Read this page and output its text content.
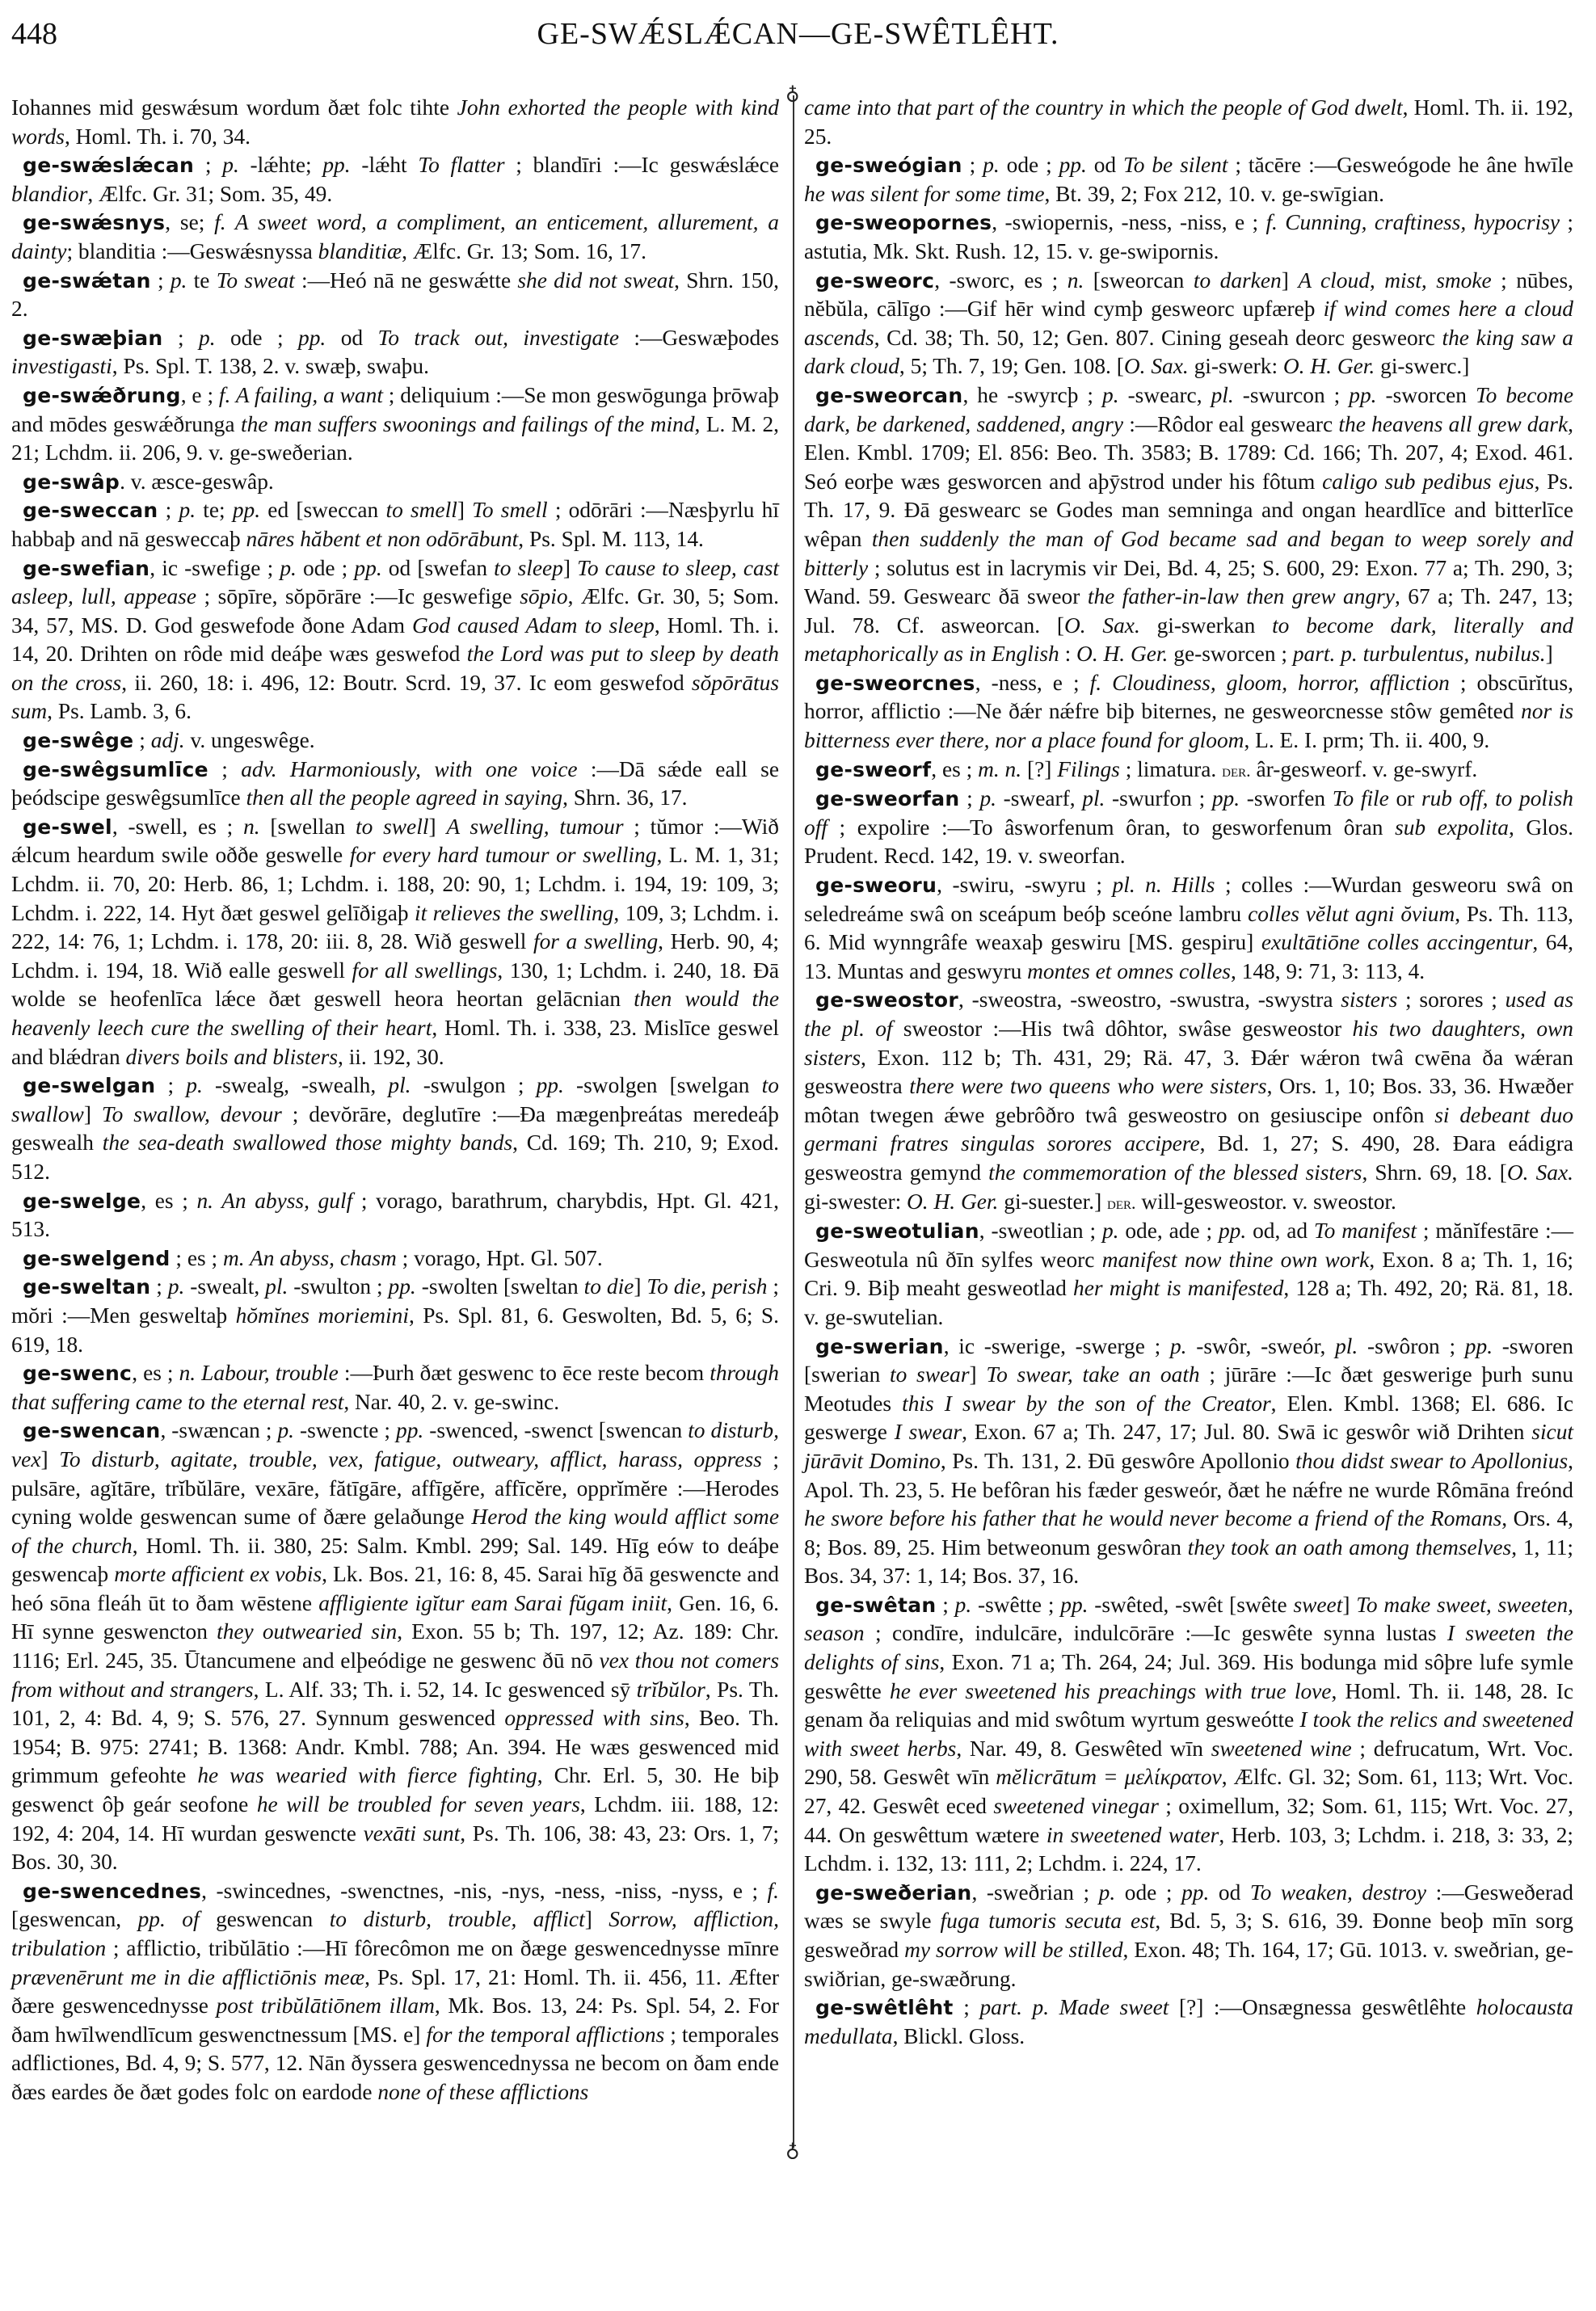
448	GE-SWǼSLǼCAN—GE-SWÊTLÊHT.

Iohannes mid geswǽsum wordum ðæt folc tihte John exhorted the people with kind words, Homl. Th. i. 70, 34.

ge-swǽslǽcan ; p. -lǽhte; pp. -lǽht To flatter ; blandīri :—Ic geswǽslǽce blandior, Ælfc. Gr. 31; Som. 35, 49.

ge-swǽsnys, se; f. A sweet word, a compliment, an enticement, allurement, a dainty; blanditia :—Geswǽsnyssa blanditiæ, Ælfc. Gr. 13; Som. 16, 17.

ge-swǽtan ; p. te To sweat :—Heó nā ne geswǽtte she did not sweat, Shrn. 150, 2.

ge-swæþian ; p. ode ; pp. od To track out, investigate :—Geswæþodes investigasti, Ps. Spl. T. 138, 2. v. swæþ, swaþu.

ge-swǽðrung, e ; f. A failing, a want ; deliquium :—Se mon geswōgunga þrōwaþ and mōdes geswǽðrunga the man suffers swoonings and failings of the mind, L. M. 2, 21; Lchdm. ii. 206, 9. v. ge-sweðerian.

ge-swâp. v. æsce-geswâp.

ge-sweccan ; p. te; pp. ed [sweccan to smell] To smell ; odōrāri :—Næsþyrlu hī habbaþ and nā gesweccaþ nāres hăbent et non odōrābunt, Ps. Spl. M. 113, 14.

ge-swefian, ic -swefige ; p. ode ; pp. od [swefan to sleep] To cause to sleep, cast asleep, lull, appease ; sōpīre, sŏpōrāre :—Ic geswefige sōpio, Ælfc. Gr. 30, 5; Som. 34, 57, MS. D. God geswefode ðone Adam God caused Adam to sleep, Homl. Th. i. 14, 20. Drihten on rôde mid deáþe wæs geswefod the Lord was put to sleep by death on the cross, ii. 260, 18: i. 496, 12: Boutr. Scrd. 19, 37. Ic eom geswefod sŏpōrātus sum, Ps. Lamb. 3, 6.

ge-swêge ; adj. v. ungeswêge.

ge-swêgsumlīce ; adv. Harmoniously, with one voice :—Dā sǽde eall se þeódscipe geswêgsumlīce then all the people agreed in saying, Shrn. 36, 17.

ge-swel, -swell, es ; n. [swellan to swell] A swelling, tumour ; tŭmor :—Wið ǽlcum heardum swile oððe geswelle for every hard tumour or swelling, L. M. 1, 31; Lchdm. ii. 70, 20: Herb. 86, 1; Lchdm. i. 188, 20: 90, 1; Lchdm. i. 194, 19: 109, 3; Lchdm. i. 222, 14. Hyt ðæt geswel gelīðigaþ it relieves the swelling, 109, 3; Lchdm. i. 222, 14: 76, 1; Lchdm. i. 178, 20: iii. 8, 28. Wið geswell for a swelling, Herb. 90, 4; Lchdm. i. 194, 18. Wið ealle geswell for all swellings, 130, 1; Lchdm. i. 240, 18. Ðā wolde se heofenlīca lǽce ðæt geswell heora heortan gelācnian then would the heavenly leech cure the swelling of their heart, Homl. Th. i. 338, 23. Mislīce geswel and blǽdran divers boils and blisters, ii. 192, 30.

ge-swelgan ; p. -swealg, -swealh, pl. -swulgon ; pp. -swolgen [swelgan to swallow] To swallow, devour ; devŏrāre, deglutīre :—Ða mægenþreátas meredeáþ geswealh the sea-death swallowed those mighty bands, Cd. 169; Th. 210, 9; Exod. 512.

ge-swelge, es ; n. An abyss, gulf ; vorago, barathrum, charybdis, Hpt. Gl. 421, 513.

ge-swelgend ; es ; m. An abyss, chasm ; vorago, Hpt. Gl. 507.

ge-sweltan ; p. -swealt, pl. -swulton ; pp. -swolten [sweltan to die] To die, perish ; mŏri :—Men gesweltaþ hŏmĭnes moriemini, Ps. Spl. 81, 6. Geswolten, Bd. 5, 6; S. 619, 18.

ge-swenc, es ; n. Labour, trouble :—Þurh ðæt geswenc to ēce reste becom through that suffering came to the eternal rest, Nar. 40, 2. v. ge-swinc.

ge-swencan, -swæncan ; p. -swencte ; pp. -swenced, -swenct [swencan to disturb, vex] To disturb, agitate, trouble, vex, fatigue, outweary, afflict, harass, oppress ; pulsāre, agĭtāre, trĭbŭlāre, vexāre, fătīgāre, affīgĕre, affīcĕre, opprĭmĕre :—Herodes cyning wolde geswencan sume of ðære gelaðunge Herod the king would afflict some of the church, Homl. Th. ii. 380, 25: Salm. Kmbl. 299; Sal. 149. Hīg eów to deáþe geswencaþ morte afficient ex vobis, Lk. Bos. 21, 16: 8, 45. Sarai hīg ðā geswencte and heó sōna fleáh ūt to ðam wēstene affligiente igĭtur eam Sarai fŭgam iniit, Gen. 16, 6. Hī synne geswencton they outwearied sin, Exon. 55 b; Th. 197, 12; Az. 189: Chr. 1116; Erl. 245, 35. Ūtancumene and elþeódige ne geswenc ðū nō vex thou not comers from without and strangers, L. Alf. 33; Th. i. 52, 14. Ic geswenced sȳ trĭbŭlor, Ps. Th. 101, 2, 4: Bd. 4, 9; S. 576, 27. Synnum geswenced oppressed with sins, Beo. Th. 1954; B. 975: 2741; B. 1368: Andr. Kmbl. 788; An. 394. He wæs geswenced mid grimmum gefeohte he was wearied with fierce fighting, Chr. Erl. 5, 30. He biþ geswenct ôþ geár seofone he will be troubled for seven years, Lchdm. iii. 188, 12: 192, 4: 204, 14. Hī wurdan geswencte vexāti sunt, Ps. Th. 106, 38: 43, 23: Ors. 1, 7; Bos. 30, 30.

ge-swencednes, -swincednes, -swenctnes, -nis, -nys, -ness, -niss, -nyss, e ; f. [geswencan, pp. of geswencan to disturb, trouble, afflict] Sorrow, affliction, tribulation ; afflictio, tribŭlātio :—Hī fôrecômon me on ðæge geswencednysse mīnre prævenērunt me in die afflictiōnis meæ, Ps. Spl. 17, 21: Homl. Th. ii. 456, 11. Æfter ðære geswencednysse post tribŭlātiōnem illam, Mk. Bos. 13, 24: Ps. Spl. 54, 2. For ðam hwīlwendlīcum geswenctnessum [MS. e] for the temporal afflictions ; temporales adflictiones, Bd. 4, 9; S. 577, 12. Nān ðyssera geswencednyssa ne becom on ðam ende ðæs eardes ðe ðæt godes folc on eardode none of these afflictions

♁
♁

came into that part of the country in which the people of God dwelt, Homl. Th. ii. 192, 25.

ge-sweógian ; p. ode ; pp. od To be silent ; tăcēre :—Gesweógode he âne hwīle he was silent for some time, Bt. 39, 2; Fox 212, 10. v. ge-swīgian.

ge-sweopornes, -swiopernis, -ness, -niss, e ; f. Cunning, craftiness, hypocrisy ; astutia, Mk. Skt. Rush. 12, 15. v. ge-swipornis.

ge-sweorc, -sworc, es ; n. [sweorcan to darken] A cloud, mist, smoke ; nūbes, nĕbŭla, cālīgo :—Gif hēr wind cymþ gesweorc upfæreþ if wind comes here a cloud ascends, Cd. 38; Th. 50, 12; Gen. 807. Cining geseah deorc gesweorc the king saw a dark cloud, 5; Th. 7, 19; Gen. 108. [O. Sax. gi-swerk: O. H. Ger. gi-swerc.]

ge-sweorcan, he -swyrcþ ; p. -swearc, pl. -swurcon ; pp. -sworcen To become dark, be darkened, saddened, angry :—Rôdor eal geswearc the heavens all grew dark, Elen. Kmbl. 1709; El. 856: Beo. Th. 3583; B. 1789: Cd. 166; Th. 207, 4; Exod. 461. Seó eorþe wæs gesworcen and aþȳstrod under his fôtum caligo sub pedibus ejus, Ps. Th. 17, 9. Ðā geswearc se Godes man semninga and ongan heardlīce and bitterlīce wêpan then suddenly the man of God became sad and began to weep sorely and bitterly ; solutus est in lacrymis vir Dei, Bd. 4, 25; S. 600, 29: Exon. 77 a; Th. 290, 3; Wand. 59. Geswearc ðā sweor the father-in-law then grew angry, 67 a; Th. 247, 13; Jul. 78. Cf. asweorcan. [O. Sax. gi-swerkan to become dark, literally and metaphorically as in English : O. H. Ger. ge-sworcen ; part. p. turbulentus, nubilus.]

ge-sweorcnes, -ness, e ; f. Cloudiness, gloom, horror, affliction ; obscūrĭtus, horror, afflictio :—Ne ðǽr nǽfre biþ biternes, ne gesweorcnesse stôw gemêted nor is bitterness ever there, nor a place found for gloom, L. E. I. prm; Th. ii. 400, 9.

ge-sweorf, es ; m. n. [?] Filings ; limatura. der. âr-gesweorf. v. ge-swyrf.

ge-sweorfan ; p. -swearf, pl. -swurfon ; pp. -sworfen To file or rub off, to polish off ; expolire :—To âsworfenum ôran, to gesworfenum ôran sub expolita, Glos. Prudent. Recd. 142, 19. v. sweorfan.

ge-sweoru, -swiru, -swyru ; pl. n. Hills ; colles :—Wurdan gesweoru swâ on seledreáme swâ on sceápum beóþ sceóne lambru colles vĕlut agni ŏvium, Ps. Th. 113, 6. Mid wynngrâfe weaxaþ geswiru [MS. gespiru] exultātiōne colles accingentur, 64, 13. Muntas and geswyru montes et omnes colles, 148, 9: 71, 3: 113, 4.

ge-sweostor, -sweostra, -sweostro, -swustra, -swystra sisters ; sorores ; used as the pl. of sweostor :—His twâ dôhtor, swâse gesweostor his two daughters, own sisters, Exon. 112 b; Th. 431, 29; Rä. 47, 3. Ðǽr wǽron twâ cwēna ða wǽran gesweostra there were two queens who were sisters, Ors. 1, 10; Bos. 33, 36. Hwæðer môtan twegen ǽwe gebrôðro twâ gesweostro on gesiuscipe onfôn si debeant duo germani fratres singulas sorores accipere, Bd. 1, 27; S. 490, 28. Ðara eádigra gesweostra gemynd the commemoration of the blessed sisters, Shrn. 69, 18. [O. Sax. gi-swester: O. H. Ger. gi-suester.] der. will-gesweostor. v. sweostor.

ge-sweotulian, -sweotlian ; p. ode, ade ; pp. od, ad To manifest ; mănĭfestāre :—Gesweotula nû ðīn sylfes weorc manifest now thine own work, Exon. 8 a; Th. 1, 16; Cri. 9. Biþ meaht gesweotlad her might is manifested, 128 a; Th. 492, 20; Rä. 81, 18. v. ge-swutelian.

ge-swerian, ic -swerige, -swerge ; p. -swôr, -sweór, pl. -swôron ; pp. -sworen [swerian to swear] To swear, take an oath ; jūrāre :—Ic ðæt geswerige þurh sunu Meotudes this I swear by the son of the Creator, Elen. Kmbl. 1368; El. 686. Ic geswerge I swear, Exon. 67 a; Th. 247, 17; Jul. 80. Swā ic geswôr wið Drihten sicut jūrāvit Domino, Ps. Th. 131, 2. Ðū geswôre Apollonio thou didst swear to Apollonius, Apol. Th. 23, 5. He befôran his fæder gesweór, ðæt he nǽfre ne wurde Rômāna freónd he swore before his father that he would never become a friend of the Romans, Ors. 4, 8; Bos. 89, 25. Him betweonum geswôran they took an oath among themselves, 1, 11; Bos. 34, 37: 1, 14; Bos. 37, 16.

ge-swêtan ; p. -swêtte ; pp. -swêted, -swêt [swête sweet] To make sweet, sweeten, season ; condīre, indulcāre, indulcōrāre :—Ic geswête synna lustas I sweeten the delights of sins, Exon. 71 a; Th. 264, 24; Jul. 369. His bodunga mid sôþre lufe symle geswêtte he ever sweetened his preachings with true love, Homl. Th. ii. 148, 28. Ic genam ða reliquias and mid swôtum wyrtum gesweótte I took the relics and sweetened with sweet herbs, Nar. 49, 8. Geswêted wīn sweetened wine ; defrucatum, Wrt. Voc. 290, 58. Geswêt wīn mĕlicrātum = μελίκρατον, Ælfc. Gl. 32; Som. 61, 113; Wrt. Voc. 27, 42. Geswêt eced sweetened vinegar ; oximellum, 32; Som. 61, 115; Wrt. Voc. 27, 44. On geswêttum wætere in sweetened water, Herb. 103, 3; Lchdm. i. 218, 3: 33, 2; Lchdm. i. 132, 13: 111, 2; Lchdm. i. 224, 17.

ge-sweðerian, -sweðrian ; p. ode ; pp. od To weaken, destroy :—Gesweðerad wæs se swyle fuga tumoris secuta est, Bd. 5, 3; S. 616, 39. Ðonne beoþ mīn sorg gesweðrad my sorrow will be stilled, Exon. 48; Th. 164, 17; Gū. 1013. v. sweðrian, ge-swiðrian, ge-swæðrung.

ge-swêtlêht ; part. p. Made sweet [?] :—Onsægnessa geswêtlêhte holocausta medullata, Blickl. Gloss.
